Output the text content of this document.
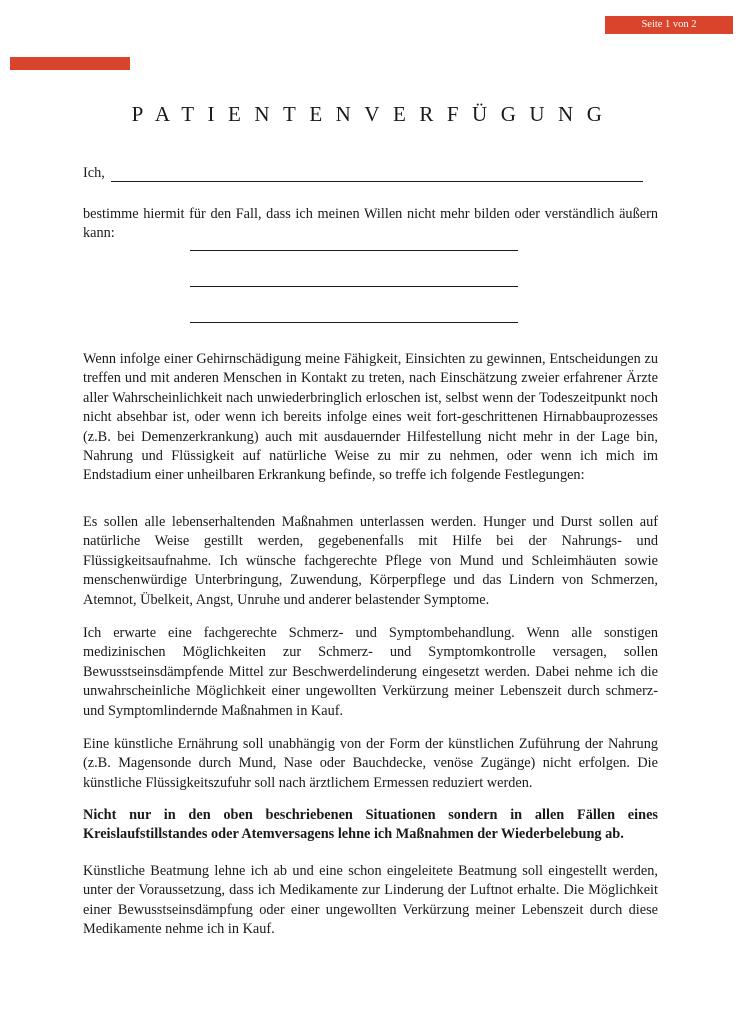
Seite 1 von 2
PATIENTENVERFÜGUNG
Ich,

bestimme hiermit für den Fall, dass ich meinen Willen nicht mehr bilden oder verständlich äußern kann:

Wenn infolge einer Gehirnschädigung meine Fähigkeit, Einsichten zu gewinnen, Entscheidungen zu treffen und mit anderen Menschen in Kontakt zu treten, nach Einschätzung zweier erfahrener Ärzte aller Wahrscheinlichkeit nach unwiederbringlich erloschen ist, selbst wenn der Todeszeitpunkt noch nicht absehbar ist, oder wenn ich bereits infolge eines weit fort-geschrittenen Hirnabbauprozesses (z.B. bei Demenzerkrankung) auch mit ausdauernder Hilfestellung nicht mehr in der Lage bin, Nahrung und Flüssigkeit auf natürliche Weise zu mir zu nehmen, oder wenn ich mich im Endstadium einer unheilbaren Erkrankung befinde, so treffe ich folgende Festlegungen:

Es sollen alle lebenserhaltenden Maßnahmen unterlassen werden. Hunger und Durst sollen auf natürliche Weise gestillt werden, gegebenenfalls mit Hilfe bei der Nahrungs- und Flüssigkeitsaufnahme. Ich wünsche fachgerechte Pflege von Mund und Schleimhäuten sowie menschenwürdige Unterbringung, Zuwendung, Körperpflege und das Lindern von Schmerzen, Atemnot, Übelkeit, Angst, Unruhe und anderer belastender Symptome.

Ich erwarte eine fachgerechte Schmerz- und Symptombehandlung. Wenn alle sonstigen medizinischen Möglichkeiten zur Schmerz- und Symptomkontrolle versagen, sollen Bewusstseinsdämpfende Mittel zur Beschwerdelinderung eingesetzt werden. Dabei nehme ich die unwahrscheinliche Möglichkeit einer ungewollten Verkürzung meiner Lebenszeit durch schmerz- und Symptomlindernde Maßnahmen in Kauf.

Eine künstliche Ernährung soll unabhängig von der Form der künstlichen Zuführung der Nahrung (z.B. Magensonde durch Mund, Nase oder Bauchdecke, venöse Zugänge) nicht erfolgen. Die künstliche Flüssigkeitszufuhr soll nach ärztlichem Ermessen reduziert werden.

Nicht nur in den oben beschriebenen Situationen sondern in allen Fällen eines Kreislaufstillstandes oder Atemversagens lehne ich Maßnahmen der Wiederbelebung ab.

Künstliche Beatmung lehne ich ab und eine schon eingeleitete Beatmung soll eingestellt werden, unter der Voraussetzung, dass ich Medikamente zur Linderung der Luftnot erhalte. Die Möglichkeit einer Bewusstseinsdämpfung oder einer ungewollten Verkürzung meiner Lebenszeit durch diese Medikamente nehme ich in Kauf.
